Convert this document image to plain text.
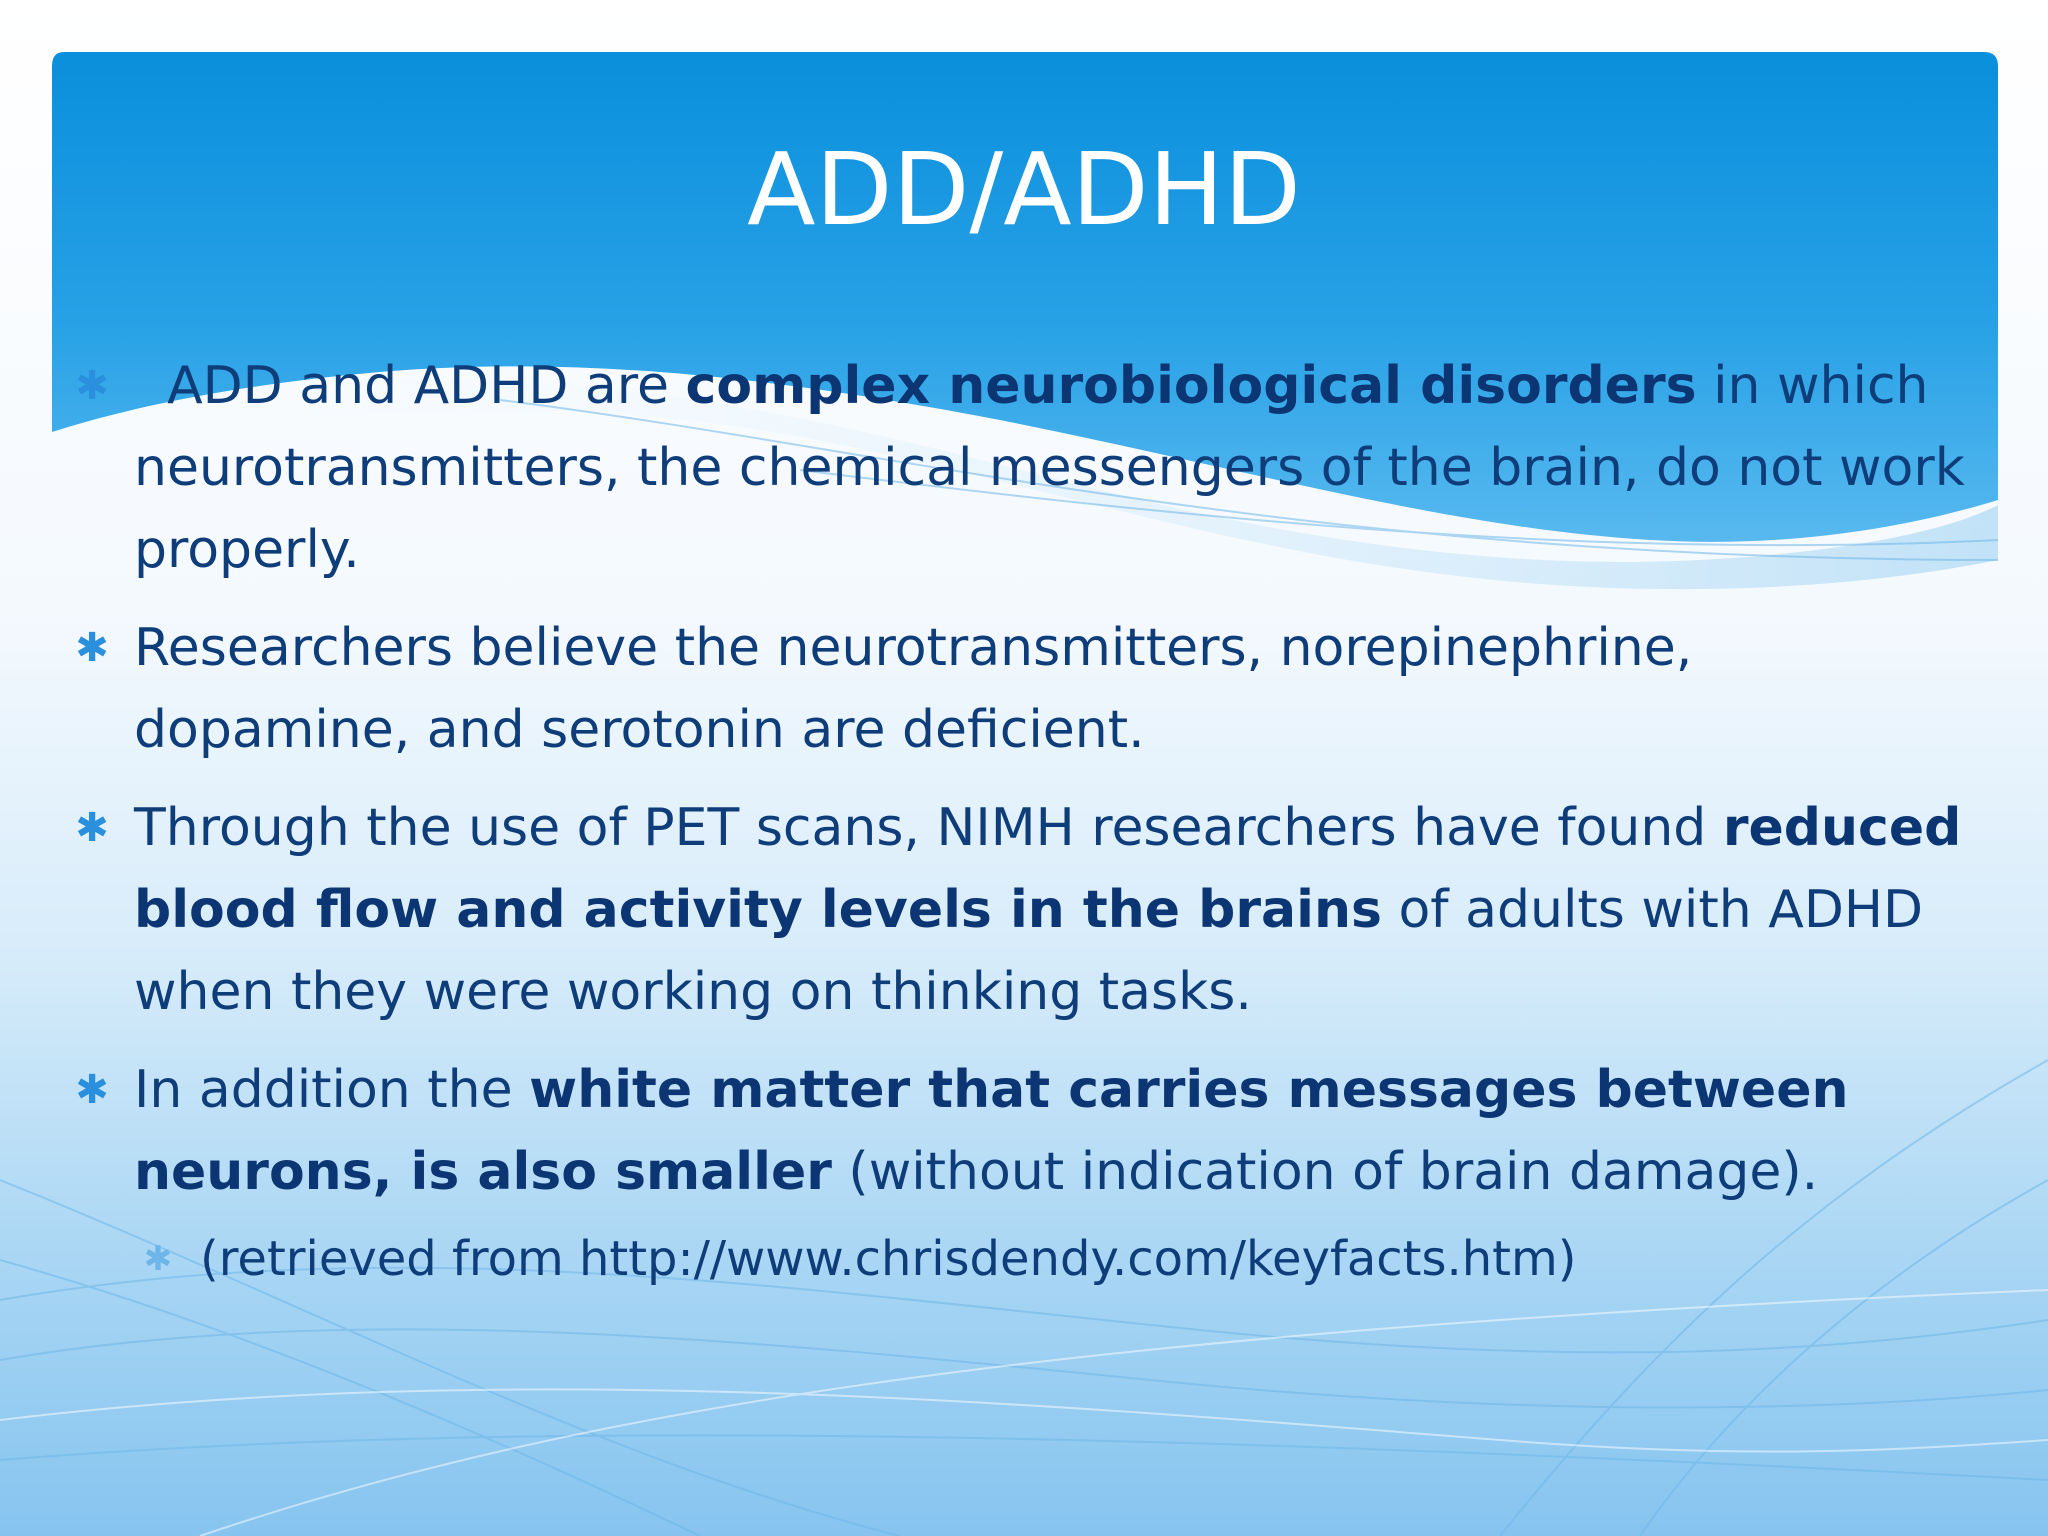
ADD/ADHD
✱ ADD and ADHD are complex neurobiological disorders in which neurotransmitters, the chemical messengers of the brain, do not work properly.
✱ Researchers believe the neurotransmitters, norepinephrine, dopamine, and serotonin are deficient.
✱ Through the use of PET scans, NIMH researchers have found reduced blood flow and activity levels in the brains of adults with ADHD when they were working on thinking tasks.
✱ In addition the white matter that carries messages between neurons, is also smaller (without indication of brain damage).
✱ (retrieved from http://www.chrisdendy.com/keyfacts.htm)
